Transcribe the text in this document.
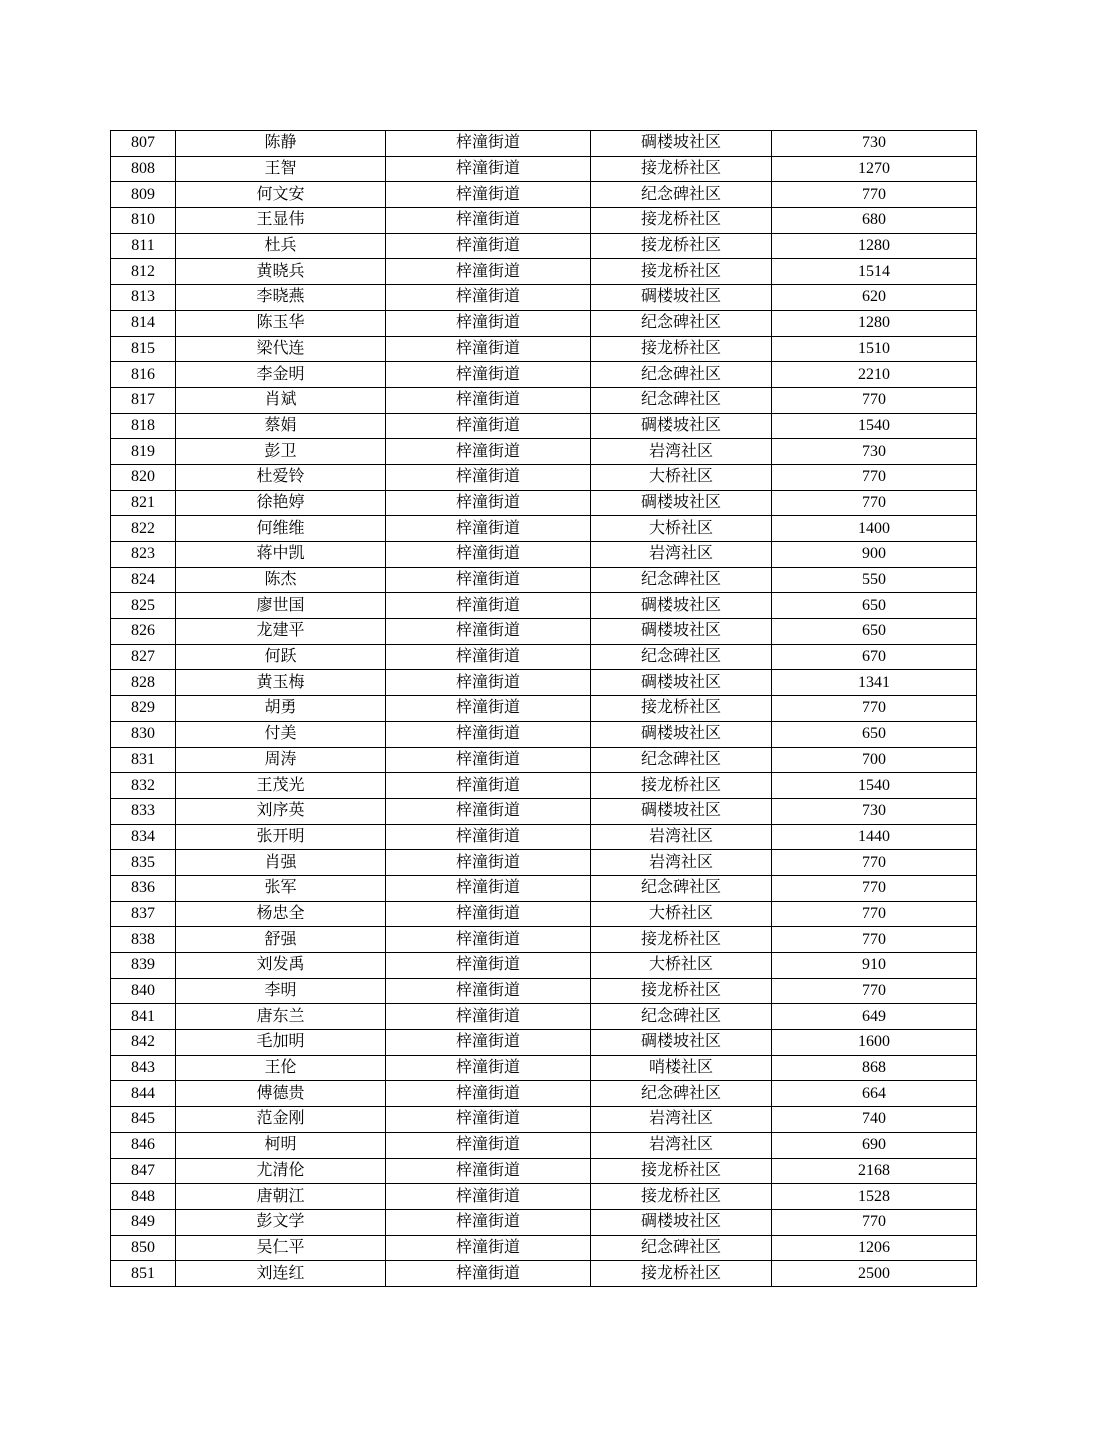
807	陈静	梓潼街道	碉楼坡社区	730
808	王智	梓潼街道	接龙桥社区	1270
809	何文安	梓潼街道	纪念碑社区	770
810	王显伟	梓潼街道	接龙桥社区	680
811	杜兵	梓潼街道	接龙桥社区	1280
812	黄晓兵	梓潼街道	接龙桥社区	1514
813	李晓燕	梓潼街道	碉楼坡社区	620
814	陈玉华	梓潼街道	纪念碑社区	1280
815	梁代连	梓潼街道	接龙桥社区	1510
816	李金明	梓潼街道	纪念碑社区	2210
817	肖斌	梓潼街道	纪念碑社区	770
818	蔡娟	梓潼街道	碉楼坡社区	1540
819	彭卫	梓潼街道	岩湾社区	730
820	杜爱铃	梓潼街道	大桥社区	770
821	徐艳婷	梓潼街道	碉楼坡社区	770
822	何维维	梓潼街道	大桥社区	1400
823	蒋中凯	梓潼街道	岩湾社区	900
824	陈杰	梓潼街道	纪念碑社区	550
825	廖世国	梓潼街道	碉楼坡社区	650
826	龙建平	梓潼街道	碉楼坡社区	650
827	何跃	梓潼街道	纪念碑社区	670
828	黄玉梅	梓潼街道	碉楼坡社区	1341
829	胡勇	梓潼街道	接龙桥社区	770
830	付美	梓潼街道	碉楼坡社区	650
831	周涛	梓潼街道	纪念碑社区	700
832	王茂光	梓潼街道	接龙桥社区	1540
833	刘序英	梓潼街道	碉楼坡社区	730
834	张开明	梓潼街道	岩湾社区	1440
835	肖强	梓潼街道	岩湾社区	770
836	张军	梓潼街道	纪念碑社区	770
837	杨忠全	梓潼街道	大桥社区	770
838	舒强	梓潼街道	接龙桥社区	770
839	刘发禹	梓潼街道	大桥社区	910
840	李明	梓潼街道	接龙桥社区	770
841	唐东兰	梓潼街道	纪念碑社区	649
842	毛加明	梓潼街道	碉楼坡社区	1600
843	王伦	梓潼街道	哨楼社区	868
844	傅德贵	梓潼街道	纪念碑社区	664
845	范金刚	梓潼街道	岩湾社区	740
846	柯明	梓潼街道	岩湾社区	690
847	尤清伦	梓潼街道	接龙桥社区	2168
848	唐朝江	梓潼街道	接龙桥社区	1528
849	彭文学	梓潼街道	碉楼坡社区	770
850	吴仁平	梓潼街道	纪念碑社区	1206
851	刘连红	梓潼街道	接龙桥社区	2500
